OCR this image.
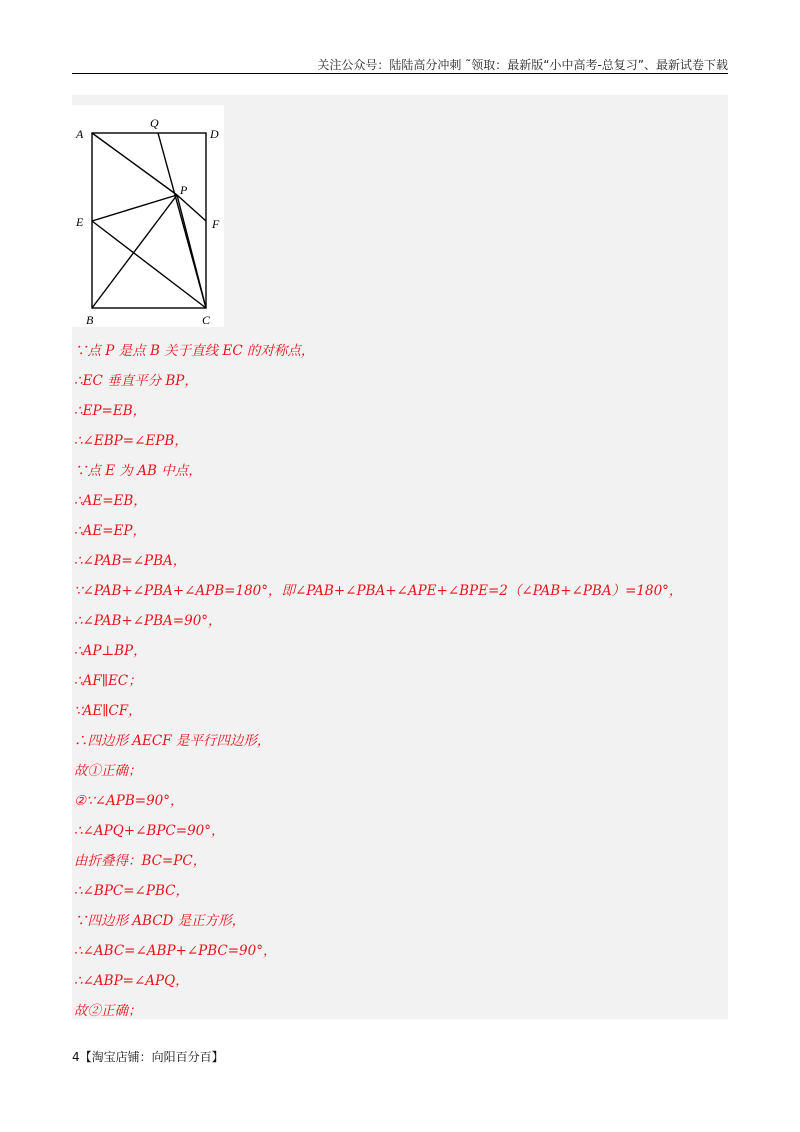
关注公众号：陆陆高分冲刺 ˜领取：最新版“小中高考-总复习”、最新试卷下载
A
Q
D
P
E	F
B	C
∵点 P 是点 B 关于直线 EC 的对称点，
∴EC 垂直平分 BP，
∴EP=EB，
∴∠EBP=∠EPB，
∵点 E 为 AB 中点，
∴AE=EB，
∴AE=EP，
∴∠PAB=∠PBA，
∵∠PAB+∠PBA+∠APB=180°，即∠PAB+∠PBA+∠APE+∠BPE=2（∠PAB+∠PBA）=180°，
∴∠PAB+∠PBA=90°，
∴AP⊥BP，
∴AF∥EC；
∵AE∥CF，
∴四边形 AECF 是平行四边形，
故①正确；
②∵∠APB=90°，
∴∠APQ+∠BPC=90°，
由折叠得：BC=PC，
∴∠BPC=∠PBC，
∵四边形 ABCD 是正方形，
∴∠ABC=∠ABP+∠PBC=90°，
∴∠ABP=∠APQ，
故②正确；
4【淘宝店铺：向阳百分百】
